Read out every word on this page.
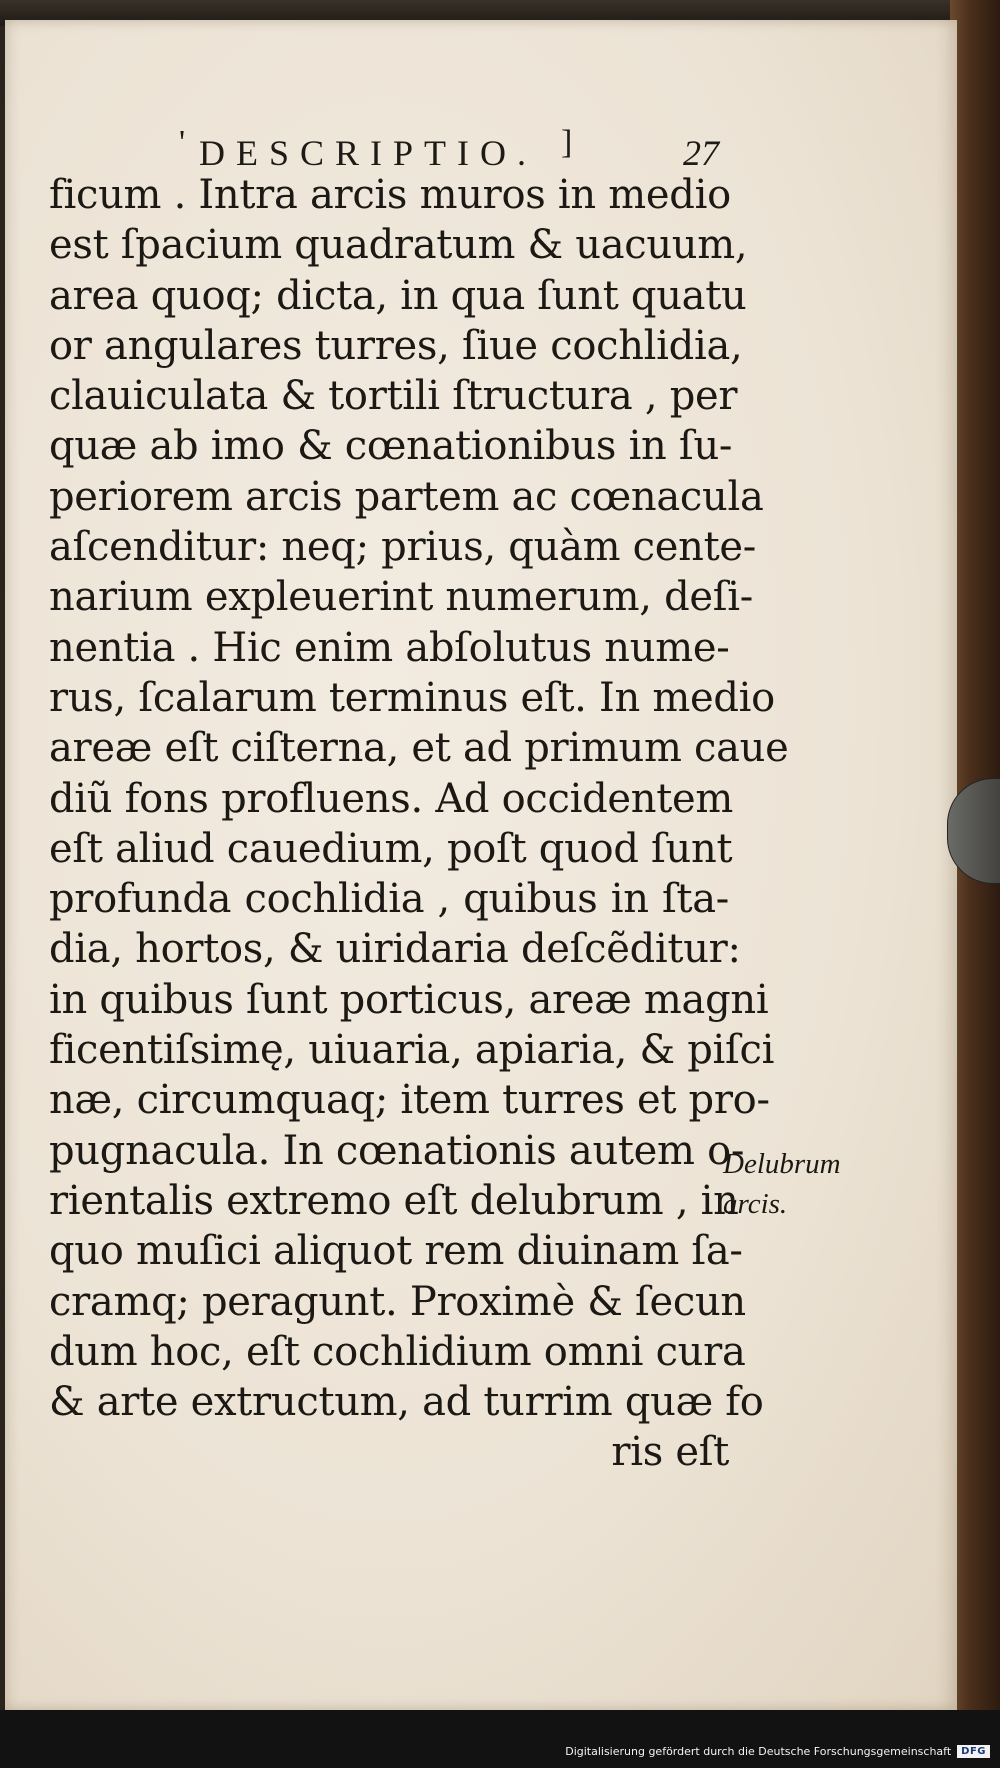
' DESCRIPTIO. ]	27
ficum . Intra arcis muros in medio
est ſpacium quadratum & uacuum,
area quoq; dicta, in qua ſunt quatu
or angulares turres, ſiue cochlidia,
clauiculata & tortili ſtructura , per
quæ ab imo & cœnationibus in ſu-
periorem arcis partem ac cœnacula
aſcenditur: neq; prius, quàm cente-
narium expleuerint numerum, deſi-
nentia . Hic enim abſolutus nume-
rus, ſcalarum terminus eſt. In medio
areæ eſt ciſterna, et ad primum caue
diũ fons profluens. Ad occidentem
eſt aliud cauedium, poſt quod ſunt
profunda cochlidia , quibus in ſta-
dia, hortos, & uiridaria deſcẽditur:
in quibus ſunt porticus, areæ magni
ficentiſsimę, uiuaria, apiaria, & piſci
næ, circumquaq; item turres et pro-
pugnacula. In cœnationis autem o-
rientalis extremo eſt delubrum , in
quo muſici aliquot rem diuinam ſa-
cramq; peragunt. Proximè & ſecun
dum hoc, eſt cochlidium omni cura
& arte extructum, ad turrim quæ fo
ris eſt
Delubrum
arcis.
Digitalisierung gefördert durch die Deutsche Forschungsgemeinschaft	DFG
